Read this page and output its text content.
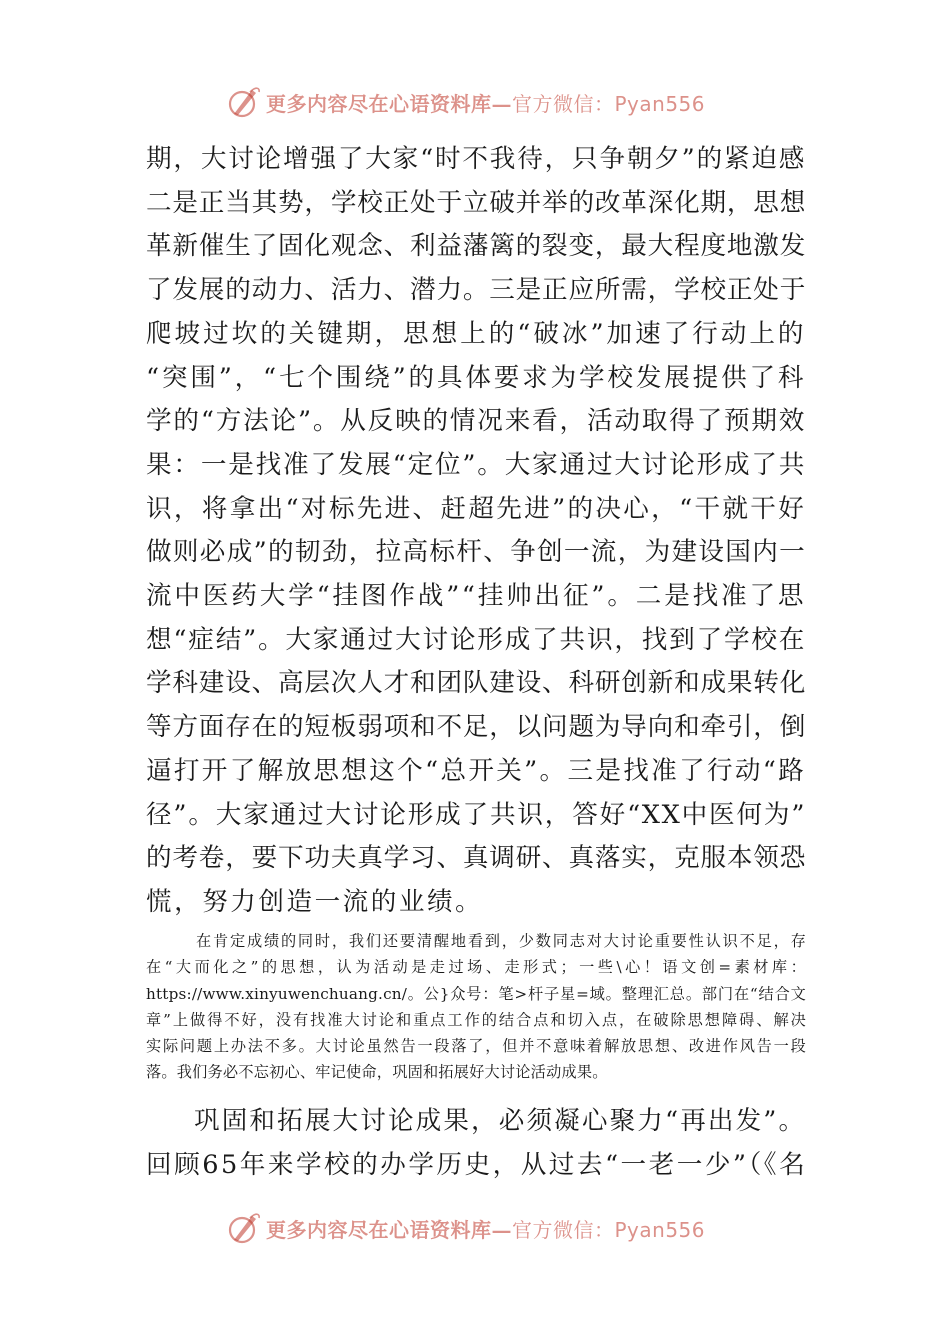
更多内容尽在心语资料库— 官方微信：Pyan556
期，大讨论增强了大家“时不我待，只争朝夕”的紧迫感
二是正当其势，学校正处于立破并举的改革深化期，思想
革新催生了固化观念、利益藩篱的裂变，最大程度地激发
了发展的动力、活力、潜力。三是正应所需，学校正处于
爬坡过坎的关键期，思想上的“破冰”加速了行动上的
“突围”，“七个围绕”的具体要求为学校发展提供了科
学的“方法论”。从反映的情况来看，活动取得了预期效
果：一是找准了发展“定位”。大家通过大讨论形成了共
识，将拿出“对标先进、赶超先进”的决心，“干就干好
做则必成”的韧劲，拉高标杆、争创一流，为建设国内一
流中医药大学“挂图作战”“挂帅出征”。二是找准了思
想“症结”。大家通过大讨论形成了共识，找到了学校在
学科建设、高层次人才和团队建设、科研创新和成果转化
等方面存在的短板弱项和不足，以问题为导向和牵引，倒
逼打开了解放思想这个“总开关”。三是找准了行动“路
径”。大家通过大讨论形成了共识，答好“XX中医何为”
的考卷，要下功夫真学习、真调研、真落实，克服本领恐
慌，努力创造一流的业绩。
在肯定成绩的同时，我们还要清醒地看到，少数同志对大讨论重要性认识不足，存
在“大而化之”的思想，认为活动是走过场、走形式；一些\心！语文创=素材库：
https://www.xinyuwenchuang.cn/。公}众号：笔>杆子星=域。整理汇总。部门在“结合文
章”上做得不好，没有找准大讨论和重点工作的结合点和切入点，在破除思想障碍、解决
实际问题上办法不多。大讨论虽然告一段落了，但并不意味着解放思想、改进作风告一段
落。我们务必不忘初心、牢记使命，巩固和拓展好大讨论活动成果。
巩固和拓展大讨论成果，必须凝心聚力“再出发”。
回顾65年来学校的办学历史，从过去“一老一少”（《名
更多内容尽在心语资料库— 官方微信：Pyan556
